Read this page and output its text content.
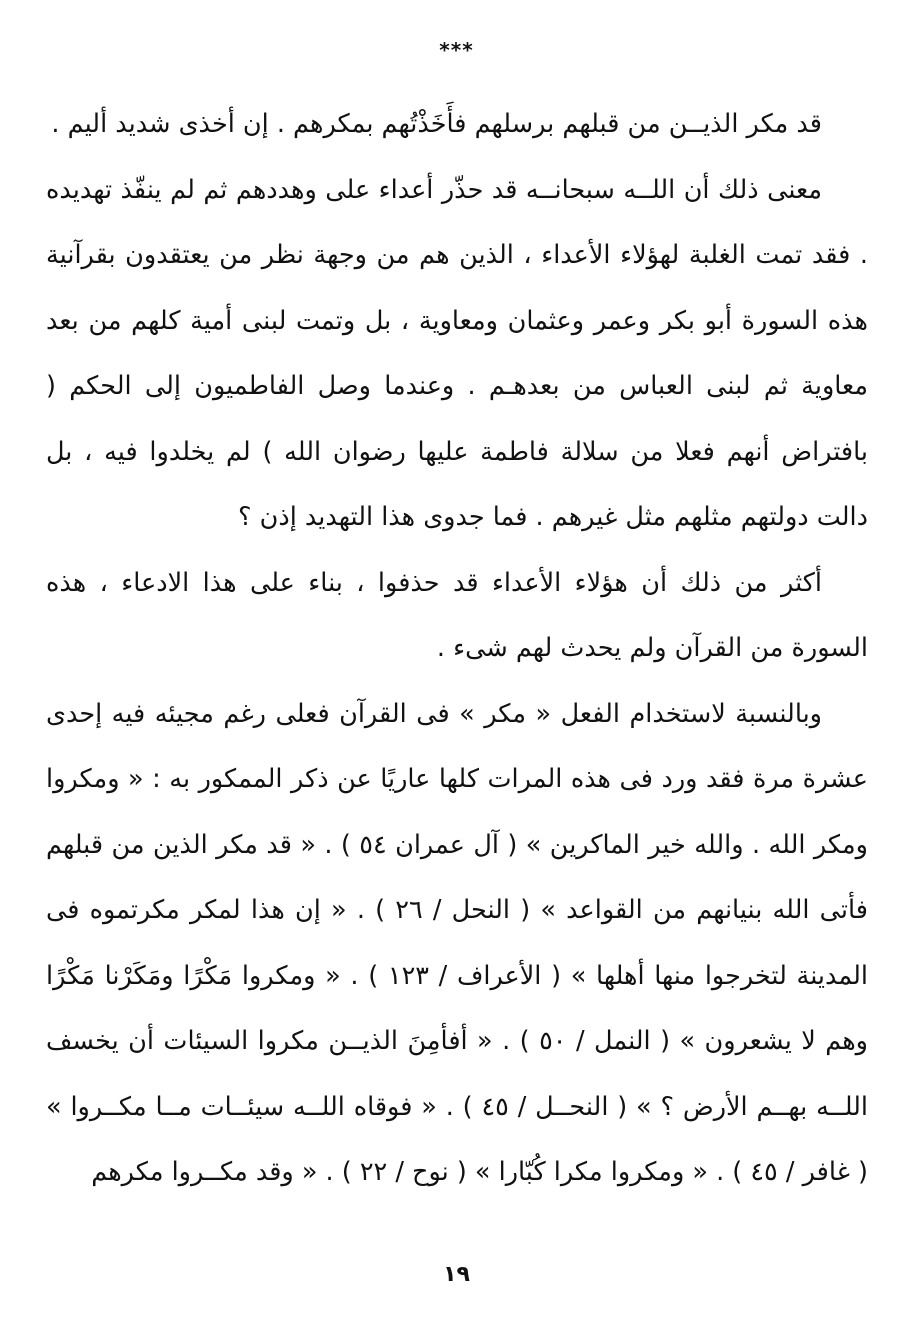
***

قد مكر الذيــن من قبلهم برسلهم فأَخَذْتُهم بمكرهم . إن أخذى شديد أليم .

معنى ذلك أن اللــه سبحانــه قد حذّر أعداء على وهددهم ثم لم ينفّذ تهديده . فقد تمت الغلبة لهؤلاء الأعداء ، الذين هم من وجهة نظر من يعتقدون بقرآنية هذه السورة أبو بكر وعمر وعثمان ومعاوية ، بل وتمت لبنى أمية كلهم من بعد معاوية ثم لبنى العباس من بعدهـم . وعندما وصل الفاطميون إلى الحكم ( بافتراض أنهم فعلا من سلالة فاطمة عليها رضوان الله ) لم يخلدوا فيه ، بل دالت دولتهم مثلهم مثل غيرهم . فما جدوى هذا التهديد إذن ؟

أكثر من ذلك أن هؤلاء الأعداء قد حذفوا ، بناء على هذا الادعاء ، هذه السورة من القرآن ولم يحدث لهم شىء .

وبالنسبة لاستخدام الفعل « مكر » فى القرآن فعلى رغم مجيئه فيه إحدى عشرة مرة فقد ورد فى هذه المرات كلها عاريًا عن ذكر الممكور به : « ومكروا ومكر الله . والله خير الماكرين » ( آل عمران ٥٤ ) . « قد مكر الذين من قبلهم فأتى الله بنيانهم من القواعد » ( النحل / ٢٦ ) . « إن هذا لمكر مكرتموه فى المدينة لتخرجوا منها أهلها » ( الأعراف / ١٢٣ ) . « ومكروا مَكْرًا ومَكَرْنا مَكْرًا وهم لا يشعرون » ( النمل / ٥٠ ) . « أفأمِنَ الذيــن مكروا السيئات أن يخسف اللــه بهــم الأرض ؟ » ( النحــل / ٤٥ ) . « فوقاه اللــه سيئــات مــا مكــروا » ( غافر / ٤٥ ) . « ومكروا مكرا كُبّارا » ( نوح / ٢٢ ) . « وقد مكــروا مكرهم

١٩
